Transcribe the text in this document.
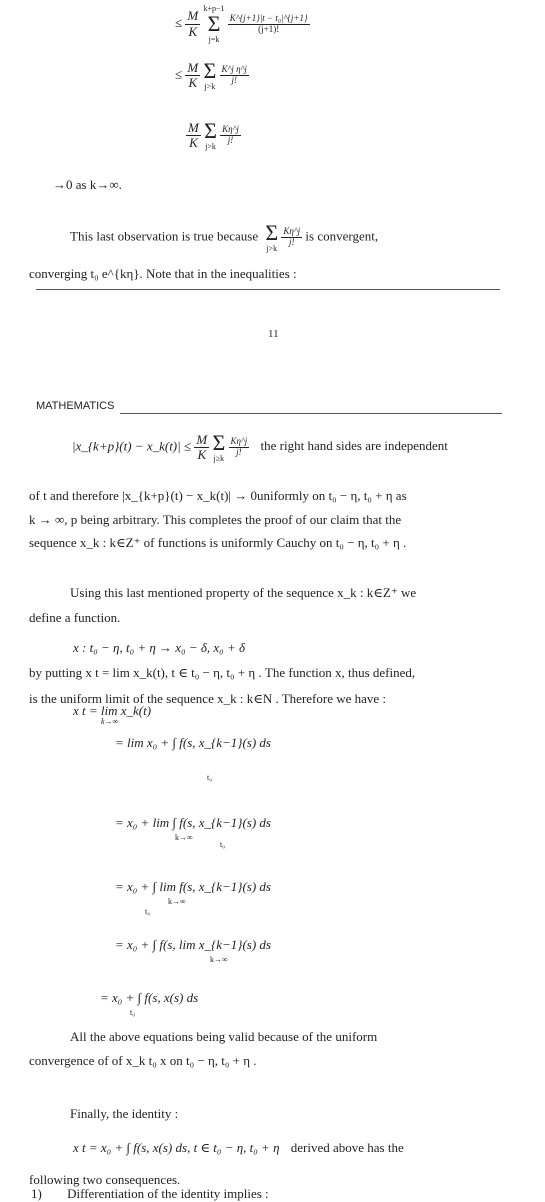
≤ $\frac{M}{K}$

k+p−1
Σ
j=k

$\frac{\text{K\textasciicircum{}\{j+1\}|t − t₀|\textasciicircum{}\{j+1\}}}{(j+1)!}$
≤ $\frac{M}{K}$
Σ
j>k

$\frac{\text{K\textasciicircum{}j η\textasciicircum{}j}}{j!}$
$\frac{M}{K}$
Σ
j>k

$\frac{K\eta\^{}j}{j!}$
→0 as k→∞.
This last observation is true because Σ
j>k

$\frac{K\eta\^{}j}{j!}$ is convergent,
converging t₀ e^{kη}. Note that in the inequalities :
11
MATHEMATICS
|x_{k+p}(t) − x_k(t)| ≤ $\frac{M}{K}$
Σ
j≥k

$\frac{K\eta\^{}j}{j!}$ the right hand sides are independent
of t and therefore |x_{k+p}(t) − x_k(t)| → 0uniformly on t₀ − η, t₀ + η as
k → ∞, p being arbitrary. This completes the proof of our claim that the
sequence x_k : k∈Z⁺ of functions is uniformly Cauchy on t₀ − η, t₀ + η .
Using this last mentioned property of the sequence x_k : k∈Z⁺ we
define a function.
x : t₀ − η, t₀ + η → x₀ − δ, x₀ + δ
by putting x t = lim x_k(t), t ∈ t₀ − η, t₀ + η . The function x, thus defined,
is the uniform limit of the sequence x_k : k∈N . Therefore we have :
x t = lim x_k(t)
k→∞
= lim x₀ + ∫ f(s, x_{k−1}(s) ds
t₀
= x₀ + lim ∫ f(s, x_{k−1}(s) ds
k→∞
t₀
= x₀ + ∫ lim f(s, x_{k−1}(s) ds
k→∞
t₀
= x₀ + ∫ f(s, lim x_{k−1}(s) ds
k→∞
= x₀ + ∫ f(s, x(s) ds
t₀
All the above equations being valid because of the uniform
convergence of of x_k t₀ x on t₀ − η, t₀ + η .
Finally, the identity :
x t = x₀ + ∫ f(s, x(s) ds, t ∈ t₀ − η, t₀ + η derived above has the
following two consequences.
1) Differentiation of the identity implies :
